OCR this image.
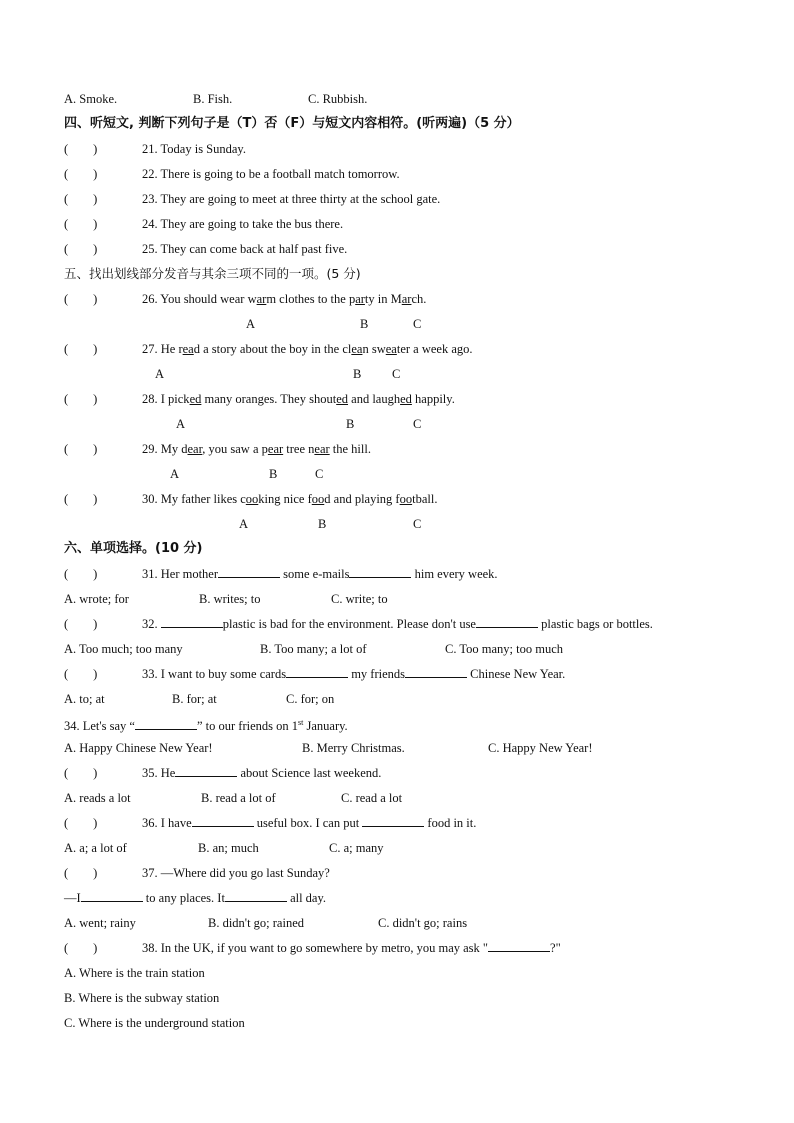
A. Smoke.	B. Fish.	C. Rubbish.
四、听短文, 判断下列句子是（T）否（F）与短文内容相符。(听两遍)（5 分）
(　　)	21. Today is Sunday.
(　　)	22. There is going to be a football match tomorrow.
(　　)	23. They are going to meet at three thirty at the school gate.
(　　)	24. They are going to take the bus there.
(　　)	25. They can come back at half past five.
五、找出划线部分发音与其余三项不同的一项。(5 分)
(　　)	26. You should wear warm clothes to the party in March.
A	B	C
(　　)	27. He read a story about the boy in the clean sweater a week ago.
A	B C
(　　)	28. I picked many oranges. They shouted and laughed happily.
A	B	C
(　　)	29. My dear, you saw a pear tree near the hill.
A	B	C
(　　)	30. My father likes cooking nice food and playing football.
A	B	C
六、单项选择。(10 分)
(　　)	31. Her mother	some e-mails	him every week.
A. wrote; for	B. writes; to	C. write; to
(　　)	32.	plastic is bad for the environment. Please don't use	plastic bags or bottles.
A. Too much; too many	B. Too many; a lot of	C. Too many; too much
(　　)	33. I want to buy some cards	my friends	Chinese New Year.
A. to; at	B. for; at	C. for; on
34. Let's say “	” to our friends on 1st January.
A. Happy Chinese New Year!	B. Merry Christmas.	C. Happy New Year!
(　　)	35. He	about Science last weekend.
A. reads a lot	B. read a lot of	C. read a lot
(　　)	36. I have	useful box. I can put	food in it.
A. a; a lot of	B. an; much	C. a; many
(　　)	37. —Where did you go last Sunday?
—I	to any places. It	all day.
A. went; rainy	B. didn't go; rained	C. didn't go; rains
(　　)	38. In the UK, if you want to go somewhere by metro, you may ask "	?"
A. Where is the train station
B. Where is the subway station
C. Where is the underground station
